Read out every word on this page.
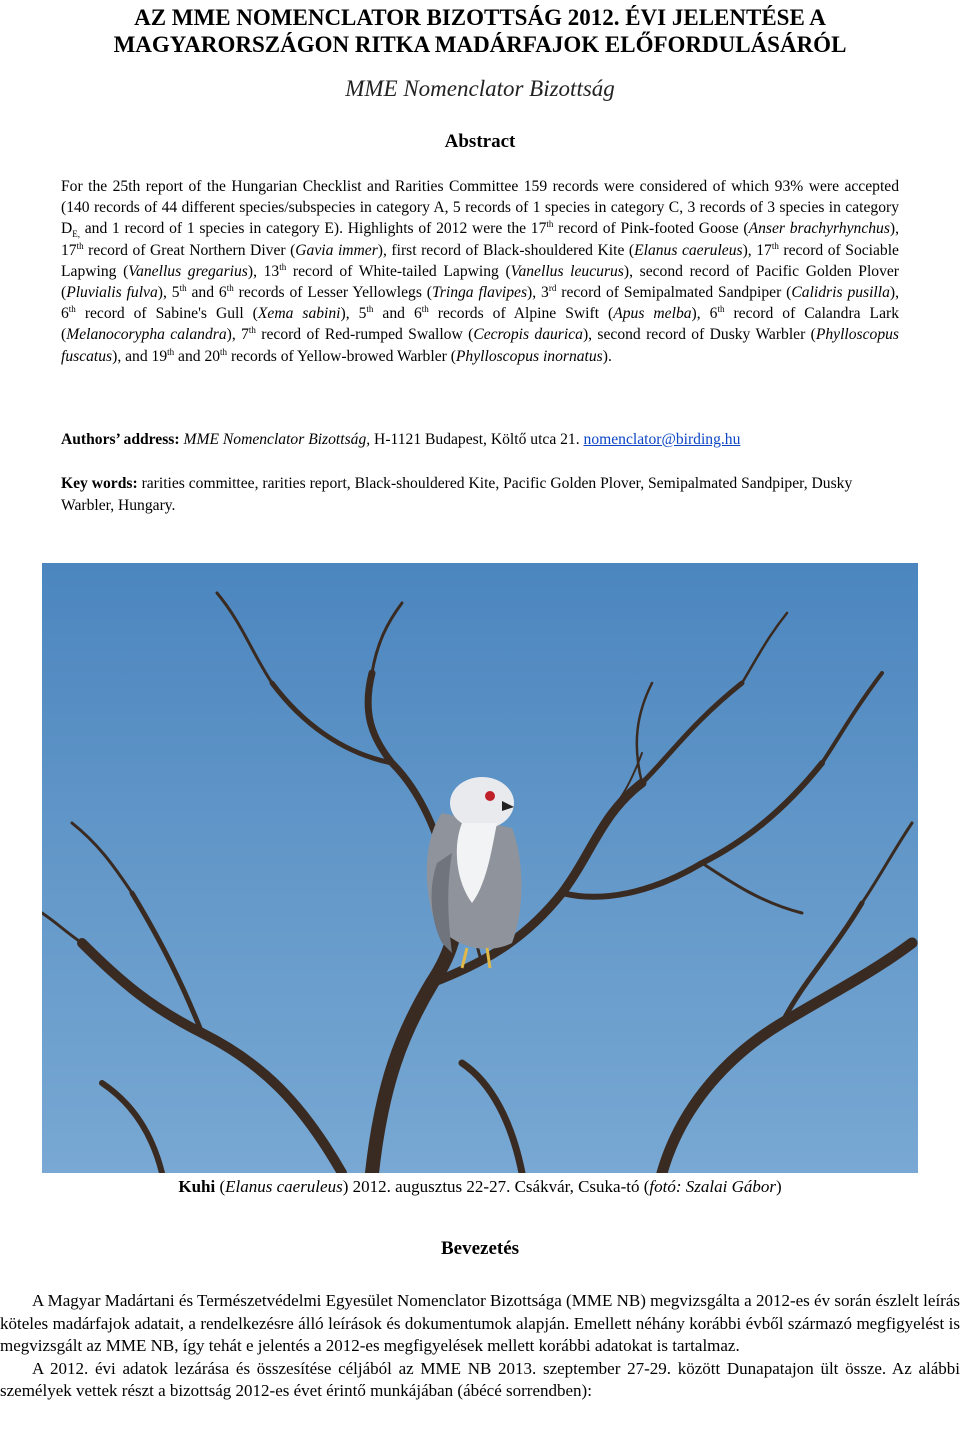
AZ MME NOMENCLATOR BIZOTTSÁG 2012. ÉVI JELENTÉSE A
MAGYARORSZÁGON RITKA MADÁRFAJOK ELŐFORDULÁSÁRÓL
MME Nomenclator Bizottság
Abstract

For the 25th report of the Hungarian Checklist and Rarities Committee 159 records were considered of which 93% were accepted (140 records of 44 different species/subspecies in category A, 5 records of 1 species in category C, 3 records of 3 species in category $D_{E,}$ and 1 record of 1 species in category E). Highlights of 2012 were the 17th record of Pink-footed Goose (Anser brachyrhynchus), 17th record of Great Northern Diver (Gavia immer), first record of Black-shouldered Kite (Elanus caeruleus), 17th record of Sociable Lapwing (Vanellus gregarius), 13th record of White-tailed Lapwing (Vanellus leucurus), second record of Pacific Golden Plover (Pluvialis fulva), 5th and 6th records of Lesser Yellowlegs (Tringa flavipes), 3rd record of Semipalmated Sandpiper (Calidris pusilla), 6th record of Sabine's Gull (Xema sabini), 5th and 6th records of Alpine Swift (Apus melba), 6th record of Calandra Lark (Melanocorypha calandra), 7th record of Red-rumped Swallow (Cecropis daurica), second record of Dusky Warbler (Phylloscopus fuscatus), and 19th and 20th records of Yellow-browed Warbler (Phylloscopus inornatus).

Authors’ address: MME Nomenclator Bizottság, H-1121 Budapest, Költő utca 21. nomenclator@birding.hu

Key words: rarities committee, rarities report, Black-shouldered Kite, Pacific Golden Plover, Semipalmated Sandpiper, Dusky Warbler, Hungary.

Kuhi (Elanus caeruleus) 2012. augusztus 22-27. Csákvár, Csuka-tó (fotó: Szalai Gábor)

Bevezetés

A Magyar Madártani és Természetvédelmi Egyesület Nomenclator Bizottsága (MME NB) megvizsgálta a 2012-es év során észlelt leírás köteles madárfajok adatait, a rendelkezésre álló leírások és dokumentumok alapján. Emellett néhány korábbi évből származó megfigyelést is megvizsgált az MME NB, így tehát e jelentés a 2012-es megfigyelések mellett korábbi adatokat is tartalmaz.

A 2012. évi adatok lezárása és összesítése céljából az MME NB 2013. szeptember 27-29. között Dunapatajon ült össze. Az alábbi személyek vettek részt a bizottság 2012-es évet érintő munkájában (ábécé sorrendben):
